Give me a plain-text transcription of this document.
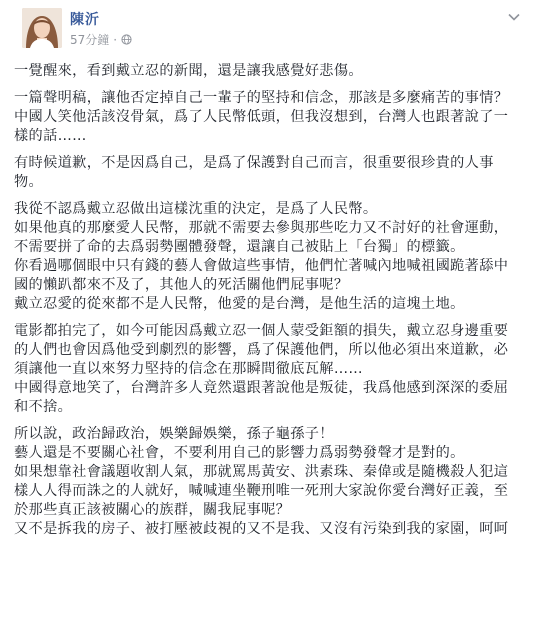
陳沂
57分鐘 ·
一覺醒來，看到戴立忍的新聞，還是讓我感覺好悲傷。
一篇聲明稿，讓他否定掉自己一輩子的堅持和信念，那該是多麼痛苦的事情？
中國人笑他活該沒骨氣，爲了人民幣低頭，但我沒想到，台灣人也跟著說了一樣的話……
有時候道歉，不是因爲自己，是爲了保護對自己而言，很重要很珍貴的人事物。
我從不認爲戴立忍做出這樣沈重的決定，是爲了人民幣。
如果他真的那麼愛人民幣，那就不需要去參與那些吃力又不討好的社會運動，不需要拼了命的去爲弱勢團體發聲，還讓自己被貼上「台獨」的標籤。
你看過哪個眼中只有錢的藝人會做這些事情，他們忙著喊內地喊祖國跪著舔中國的懶趴都來不及了，其他人的死活關他們屁事呢？
戴立忍愛的從來都不是人民幣，他愛的是台灣，是他生活的這塊土地。
電影都拍完了，如今可能因爲戴立忍一個人蒙受鉅額的損失，戴立忍身邊重要的人們也會因爲他受到劇烈的影響，爲了保護他們，所以他必須出來道歉，必須讓他一直以來努力堅持的信念在那瞬間徹底瓦解……
中國得意地笑了，台灣許多人竟然還跟著說他是叛徒，我爲他感到深深的委屈和不捨。
所以說，政治歸政治，娛樂歸娛樂，孫子龜孫子！
藝人還是不要關心社會，不要利用自己的影響力爲弱勢發聲才是對的。
如果想靠社會議題收割人氣，那就罵馬黃安、洪素珠、秦偉或是隨機殺人犯這樣人人得而誅之的人就好，喊喊連坐鞭刑唯一死刑大家說你愛台灣好正義，至於那些真正該被關心的族群，關我屁事呢？
又不是拆我的房子、被打壓被歧視的又不是我、又沒有污染到我的家園，呵呵
